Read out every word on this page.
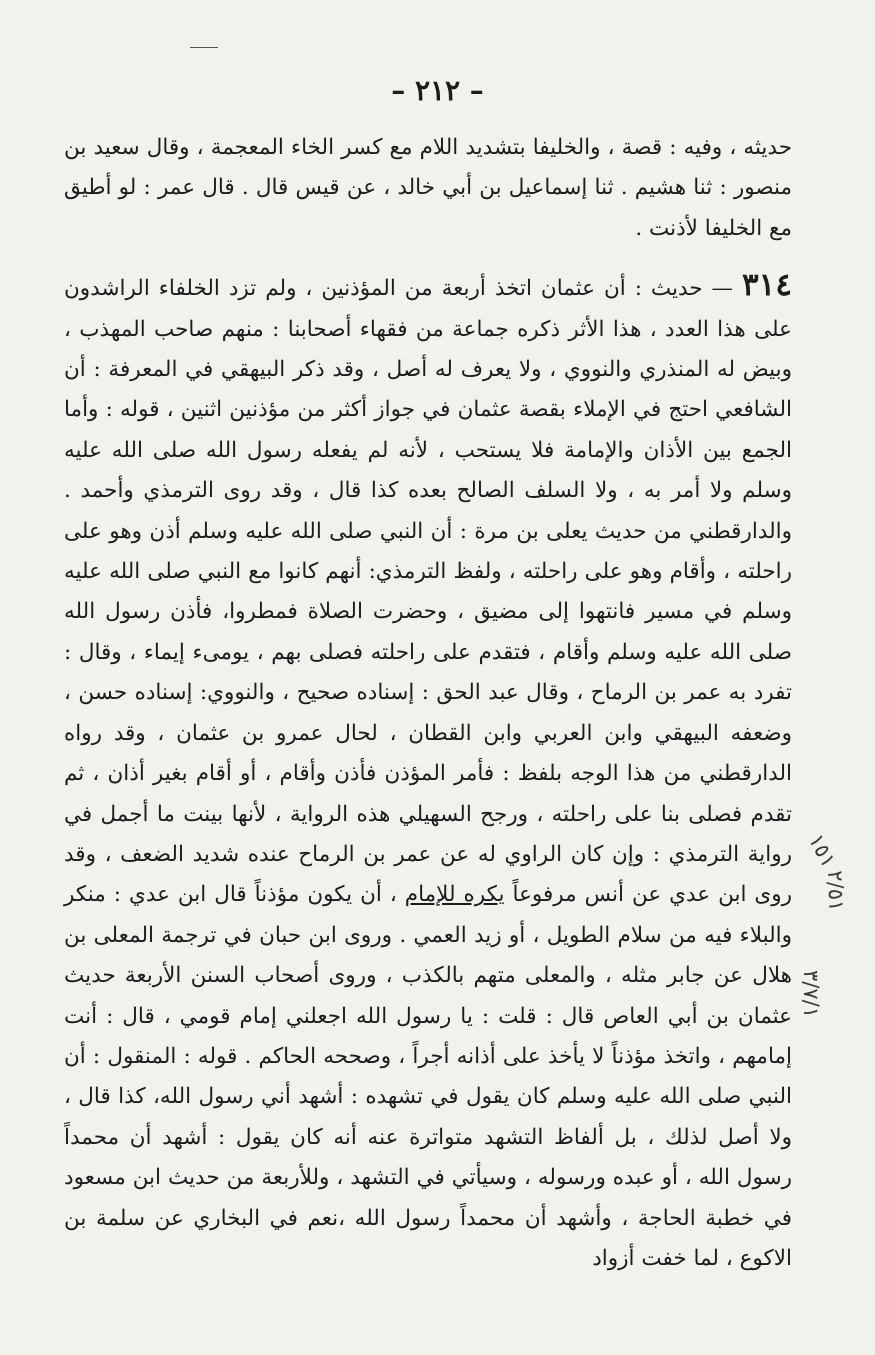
– ٢١٢ –

حديثه ، وفيه : قصة ، والخليفا بتشديد اللام مع كسر الخاء المعجمة ، وقال سعيد بن منصور : ثنا هشيم . ثنا إسماعيل بن أبي خالد ، عن قيس قال . قال عمر : لو أطيق مع الخليفا لأذنت .

٣١٤ — حديث : أن عثمان اتخذ أربعة من المؤذنين ، ولم تزد الخلفاء الراشدون على هذا العدد ، هذا الأثر ذكره جماعة من فقهاء أصحابنا : منهم صاحب المهذب ، وبيض له المنذري والنووي ، ولا يعرف له أصل ، وقد ذكر البيهقي في المعرفة : أن الشافعي احتج في الإملاء بقصة عثمان في جواز أكثر من مؤذنين اثنين ، قوله : وأما الجمع بين الأذان والإمامة فلا يستحب ، لأنه لم يفعله رسول الله صلى الله عليه وسلم ولا أمر به ، ولا السلف الصالح بعده كذا قال ، وقد روى الترمذي وأحمد . والدارقطني من حديث يعلى بن مرة : أن النبي صلى الله عليه وسلم أذن وهو على راحلته ، وأقام وهو على راحلته ، ولفظ الترمذي: أنهم كانوا مع النبي صلى الله عليه وسلم في مسير فانتهوا إلى مضيق ، وحضرت الصلاة فمطروا، فأذن رسول الله صلى الله عليه وسلم وأقام ، فتقدم على راحلته فصلى بهم ، يومىء إيماء ، وقال : تفرد به عمر بن الرماح ، وقال عبد الحق : إسناده صحيح ، والنووي: إسناده حسن ، وضعفه البيهقي وابن العربي وابن القطان ، لحال عمرو بن عثمان ، وقد رواه الدارقطني من هذا الوجه بلفظ : فأمر المؤذن فأذن وأقام ، أو أقام بغير أذان ، ثم تقدم فصلى بنا على راحلته ، ورجح السهيلي هذه الرواية ، لأنها بينت ما أجمل في رواية الترمذي : وإن كان الراوي له عن عمر بن الرماح عنده شديد الضعف ، وقد روى ابن عدي عن أنس مرفوعاً يكره للإمام ، أن يكون مؤذناً قال ابن عدي : منكر والبلاء فيه من سلام الطويل ، أو زيد العمي . وروى ابن حبان في ترجمة المعلى بن هلال عن جابر مثله ، والمعلى متهم بالكذب ، وروى أصحاب السنن الأربعة حديث عثمان بن أبي العاص قال : قلت : يا رسول الله اجعلني إمام قومي ، قال : أنت إمامهم ، واتخذ مؤذناً لا يأخذ على أذانه أجراً ، وصححه الحاكم . قوله : المنقول : أن النبي صلى الله عليه وسلم كان يقول في تشهده : أشهد أني رسول الله، كذا قال ، ولا أصل لذلك ، بل ألفاظ التشهد متواترة عنه أنه كان يقول : أشهد أن محمداً رسول الله ، أو عبده ورسوله ، وسيأتي في التشهد ، وللأربعة من حديث ابن مسعود في خطبة الحاجة ، وأشهد أن محمداً رسول الله ،نعم في البخاري عن سلمة بن الاكوع ، لما خفت أزواد

١٥١
٢/٥١
٣/٧/١
